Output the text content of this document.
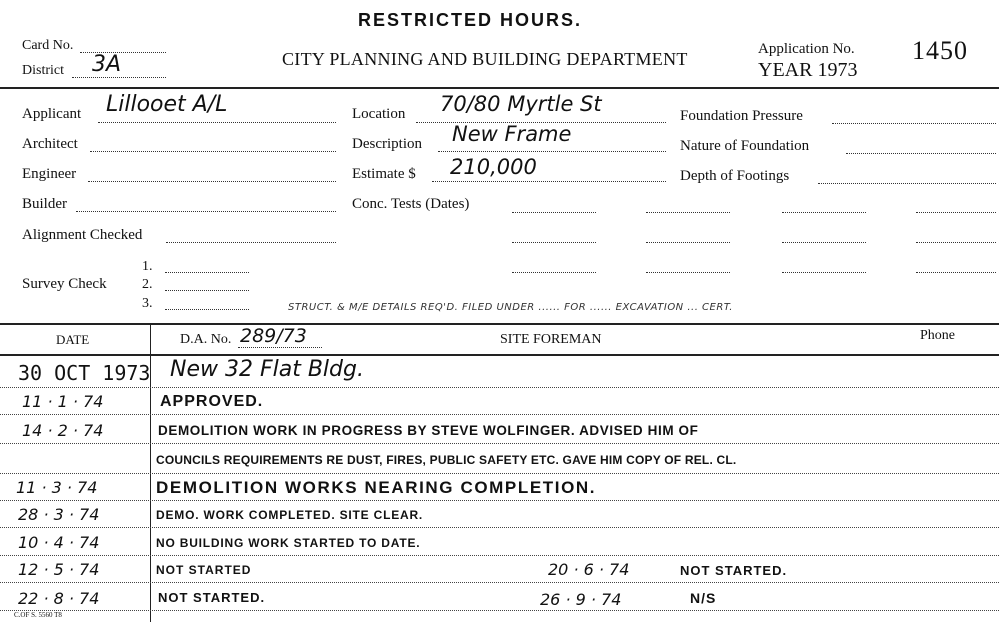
RESTRICTED HOURS.
Card No.
District 3A	CITY PLANNING AND BUILDING DEPARTMENT	Application No.
YEAR 1973
1450
Applicant Lillooet A/L
Architect
Engineer
Builder
Alignment Checked
Survey Check
1.
2.
3.
Location 70/80 Myrtle St
Description New Frame
Estimate $ 210,000
Conc. Tests (Dates)
Foundation Pressure
Nature of Foundation
Depth of Footings
STRUCT. & M/E DETAILS REQ'D. FILED UNDER ...... FOR ...... EXCAVATION ... CERT.
DATE	D.A. No. 289/73	SITE FOREMAN	Phone
30 OCT 1973 New 32 Flat Bldg.
11 · 1 · 74	APPROVED.
14 · 2 · 74	DEMOLITION WORK IN PROGRESS BY STEVE WOLFINGER. ADVISED HIM OF
COUNCILS REQUIREMENTS RE DUST, FIRES, PUBLIC SAFETY ETC. GAVE HIM COPY OF REL. CL.
11 · 3 · 74	DEMOLITION WORKS NEARING COMPLETION.
28 · 3 · 74	DEMO. WORK COMPLETED. SITE CLEAR.
10 · 4 · 74	NO BUILDING WORK STARTED TO DATE.
12 · 5 · 74	NOT STARTED	20 · 6 · 74	NOT STARTED.
22 · 8 · 74	NOT STARTED.	26 · 9 · 74	N/S
C.OF S. 5560 T8
